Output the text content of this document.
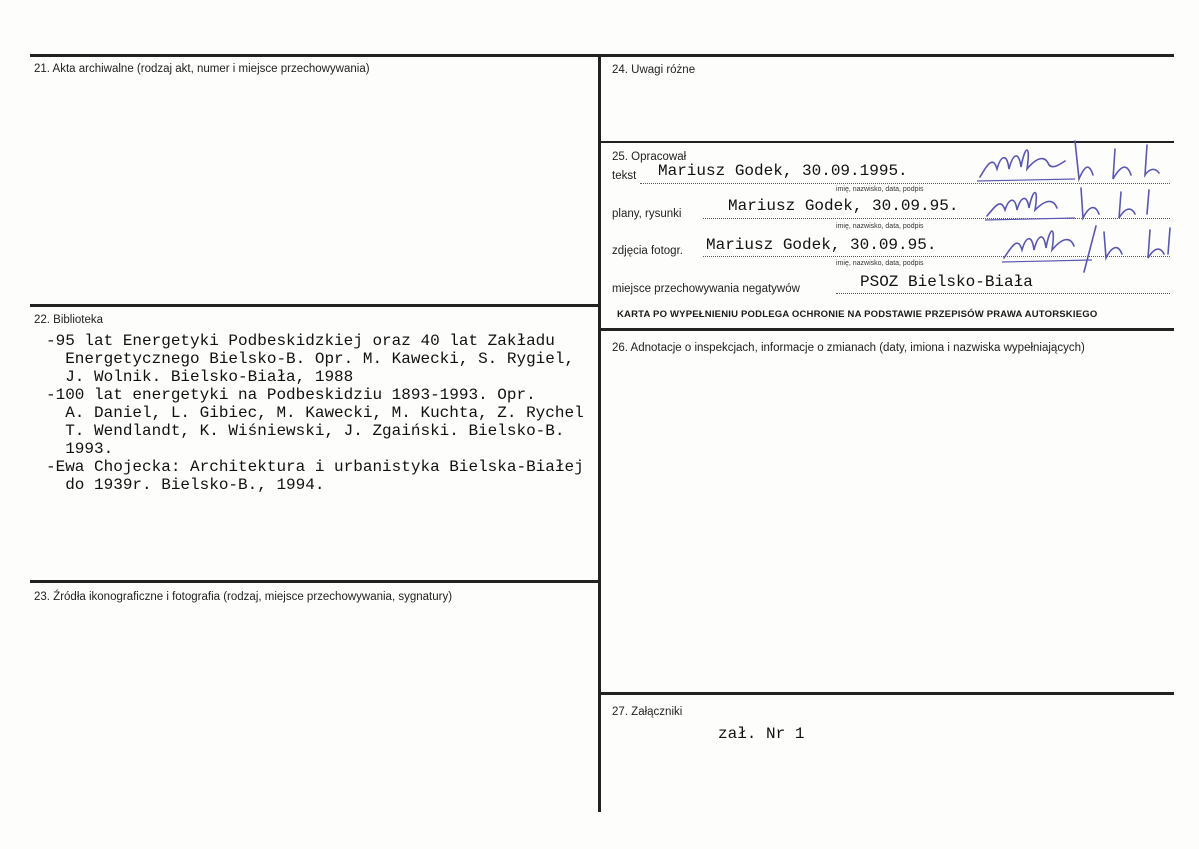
21. Akta archiwalne (rodzaj akt, numer i miejsce przechowywania)
22. Biblioteka
-95 lat Energetyki Podbeskidzkiej oraz 40 lat Zakładu
Energetycznego Bielsko-B. Opr. M. Kawecki, S. Rygiel,
J. Wolnik. Bielsko-Biała, 1988
-100 lat energetyki na Podbeskidziu 1893-1993. Opr.
A. Daniel, L. Gibiec, M. Kawecki, M. Kuchta, Z. Rychel
T. Wendlandt, K. Wiśniewski, J. Zgaiński. Bielsko-B.
1993.
-Ewa Chojecka: Architektura i urbanistyka Bielska-Białej
do 1939r. Bielsko-B., 1994.
23. Źródła ikonograficzne i fotografia (rodzaj, miejsce przechowywania, sygnatury)
24. Uwagi różne
25. Opracował
tekst Mariusz Godek, 30.09.1995.
imię, nazwisko, data, podpis
plany, rysunki	Mariusz Godek, 30.09.95.
imię, nazwisko, data, podpis
zdjęcia fotogr. Mariusz Godek, 30.09.95.
imię, nazwisko, data, podpis
miejsce przechowywania negatywów	PSOZ Bielsko-Biała
KARTA PO WYPEŁNIENIU PODLEGA OCHRONIE NA PODSTAWIE PRZEPISÓW PRAWA AUTORSKIEGO
26. Adnotacje o inspekcjach, informacje o zmianach (daty, imiona i nazwiska wypełniających)
27. Załączniki
zał. Nr 1
